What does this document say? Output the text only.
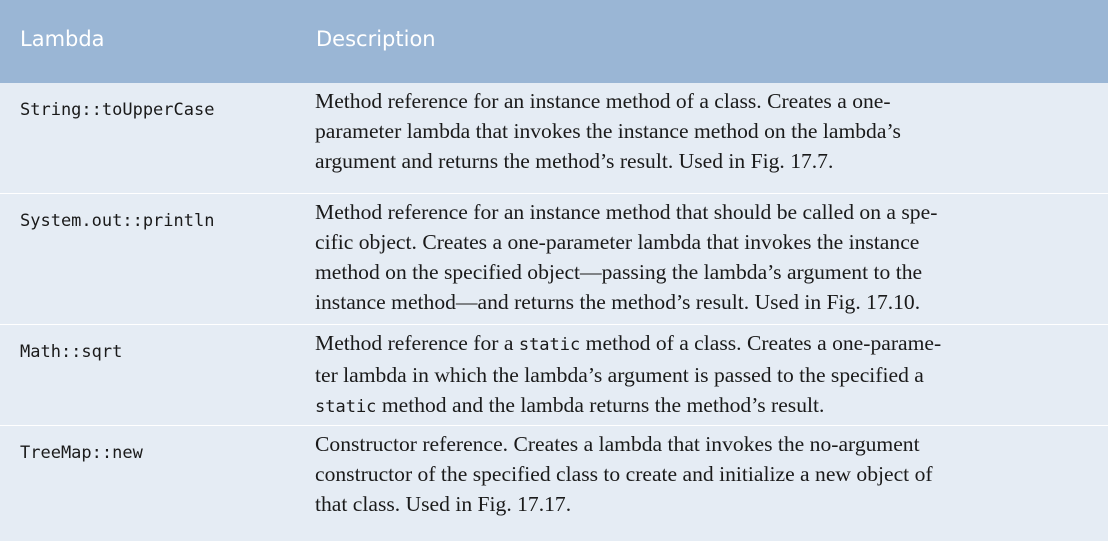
Lambda	Description
String::toUpperCase	Method reference for an instance method of a class. Creates a one-
parameter lambda that invokes the instance method on the lambda’s
argument and returns the method’s result. Used in Fig. 17.7.
System.out::println	Method reference for an instance method that should be called on a spe-
cific object. Creates a one-parameter lambda that invokes the instance
method on the specified object—passing the lambda’s argument to the
instance method—and returns the method’s result. Used in Fig. 17.10.
Math::sqrt	Method reference for a static method of a class. Creates a one-parame-
ter lambda in which the lambda’s argument is passed to the specified a
static method and the lambda returns the method’s result.
TreeMap::new	Constructor reference. Creates a lambda that invokes the no-argument
constructor of the specified class to create and initialize a new object of
that class. Used in Fig. 17.17.
